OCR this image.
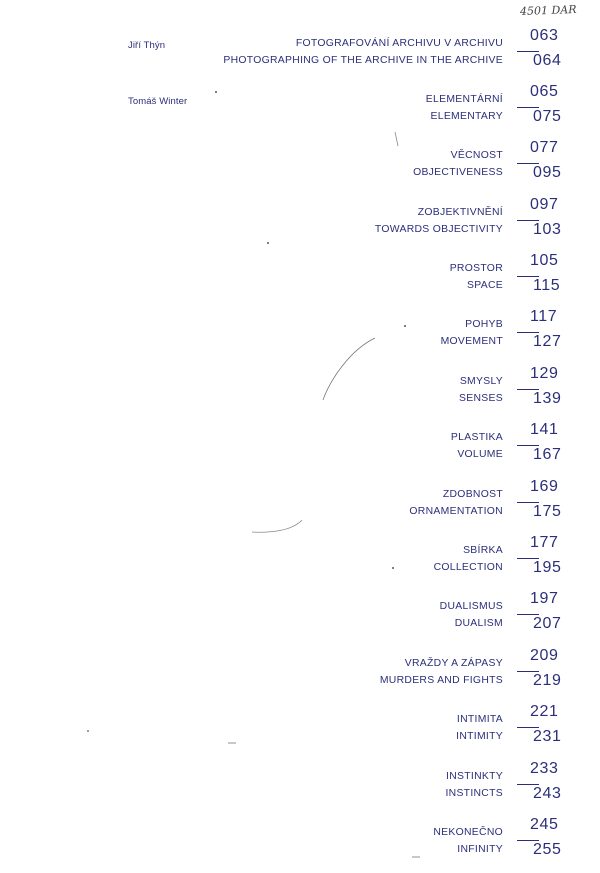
4501 DAR
Jiří Thýn
Tomáš Winter
FOTOGRAFOVÁNÍ ARCHIVU V ARCHIVU
PHOTOGRAPHING OF THE ARCHIVE IN THE ARCHIVE
063
064
ELEMENTÁRNÍ
ELEMENTARY
065
075
VĚCNOST
OBJECTIVENESS
077
095
ZOBJEKTIVNĚNÍ
TOWARDS OBJECTIVITY
097
103
PROSTOR
SPACE
105
115
POHYB
MOVEMENT
117
127
SMYSLY
SENSES
129
139
PLASTIKA
VOLUME
141
167
ZDOBNOST
ORNAMENTATION
169
175
SBÍRKA
COLLECTION
177
195
DUALISMUS
DUALISM
197
207
VRAŽDY A ZÁPASY
MURDERS AND FIGHTS
209
219
INTIMITA
INTIMITY
221
231
INSTINKTY
INSTINCTS
233
243
NEKONEČNO
INFINITY
245
255
